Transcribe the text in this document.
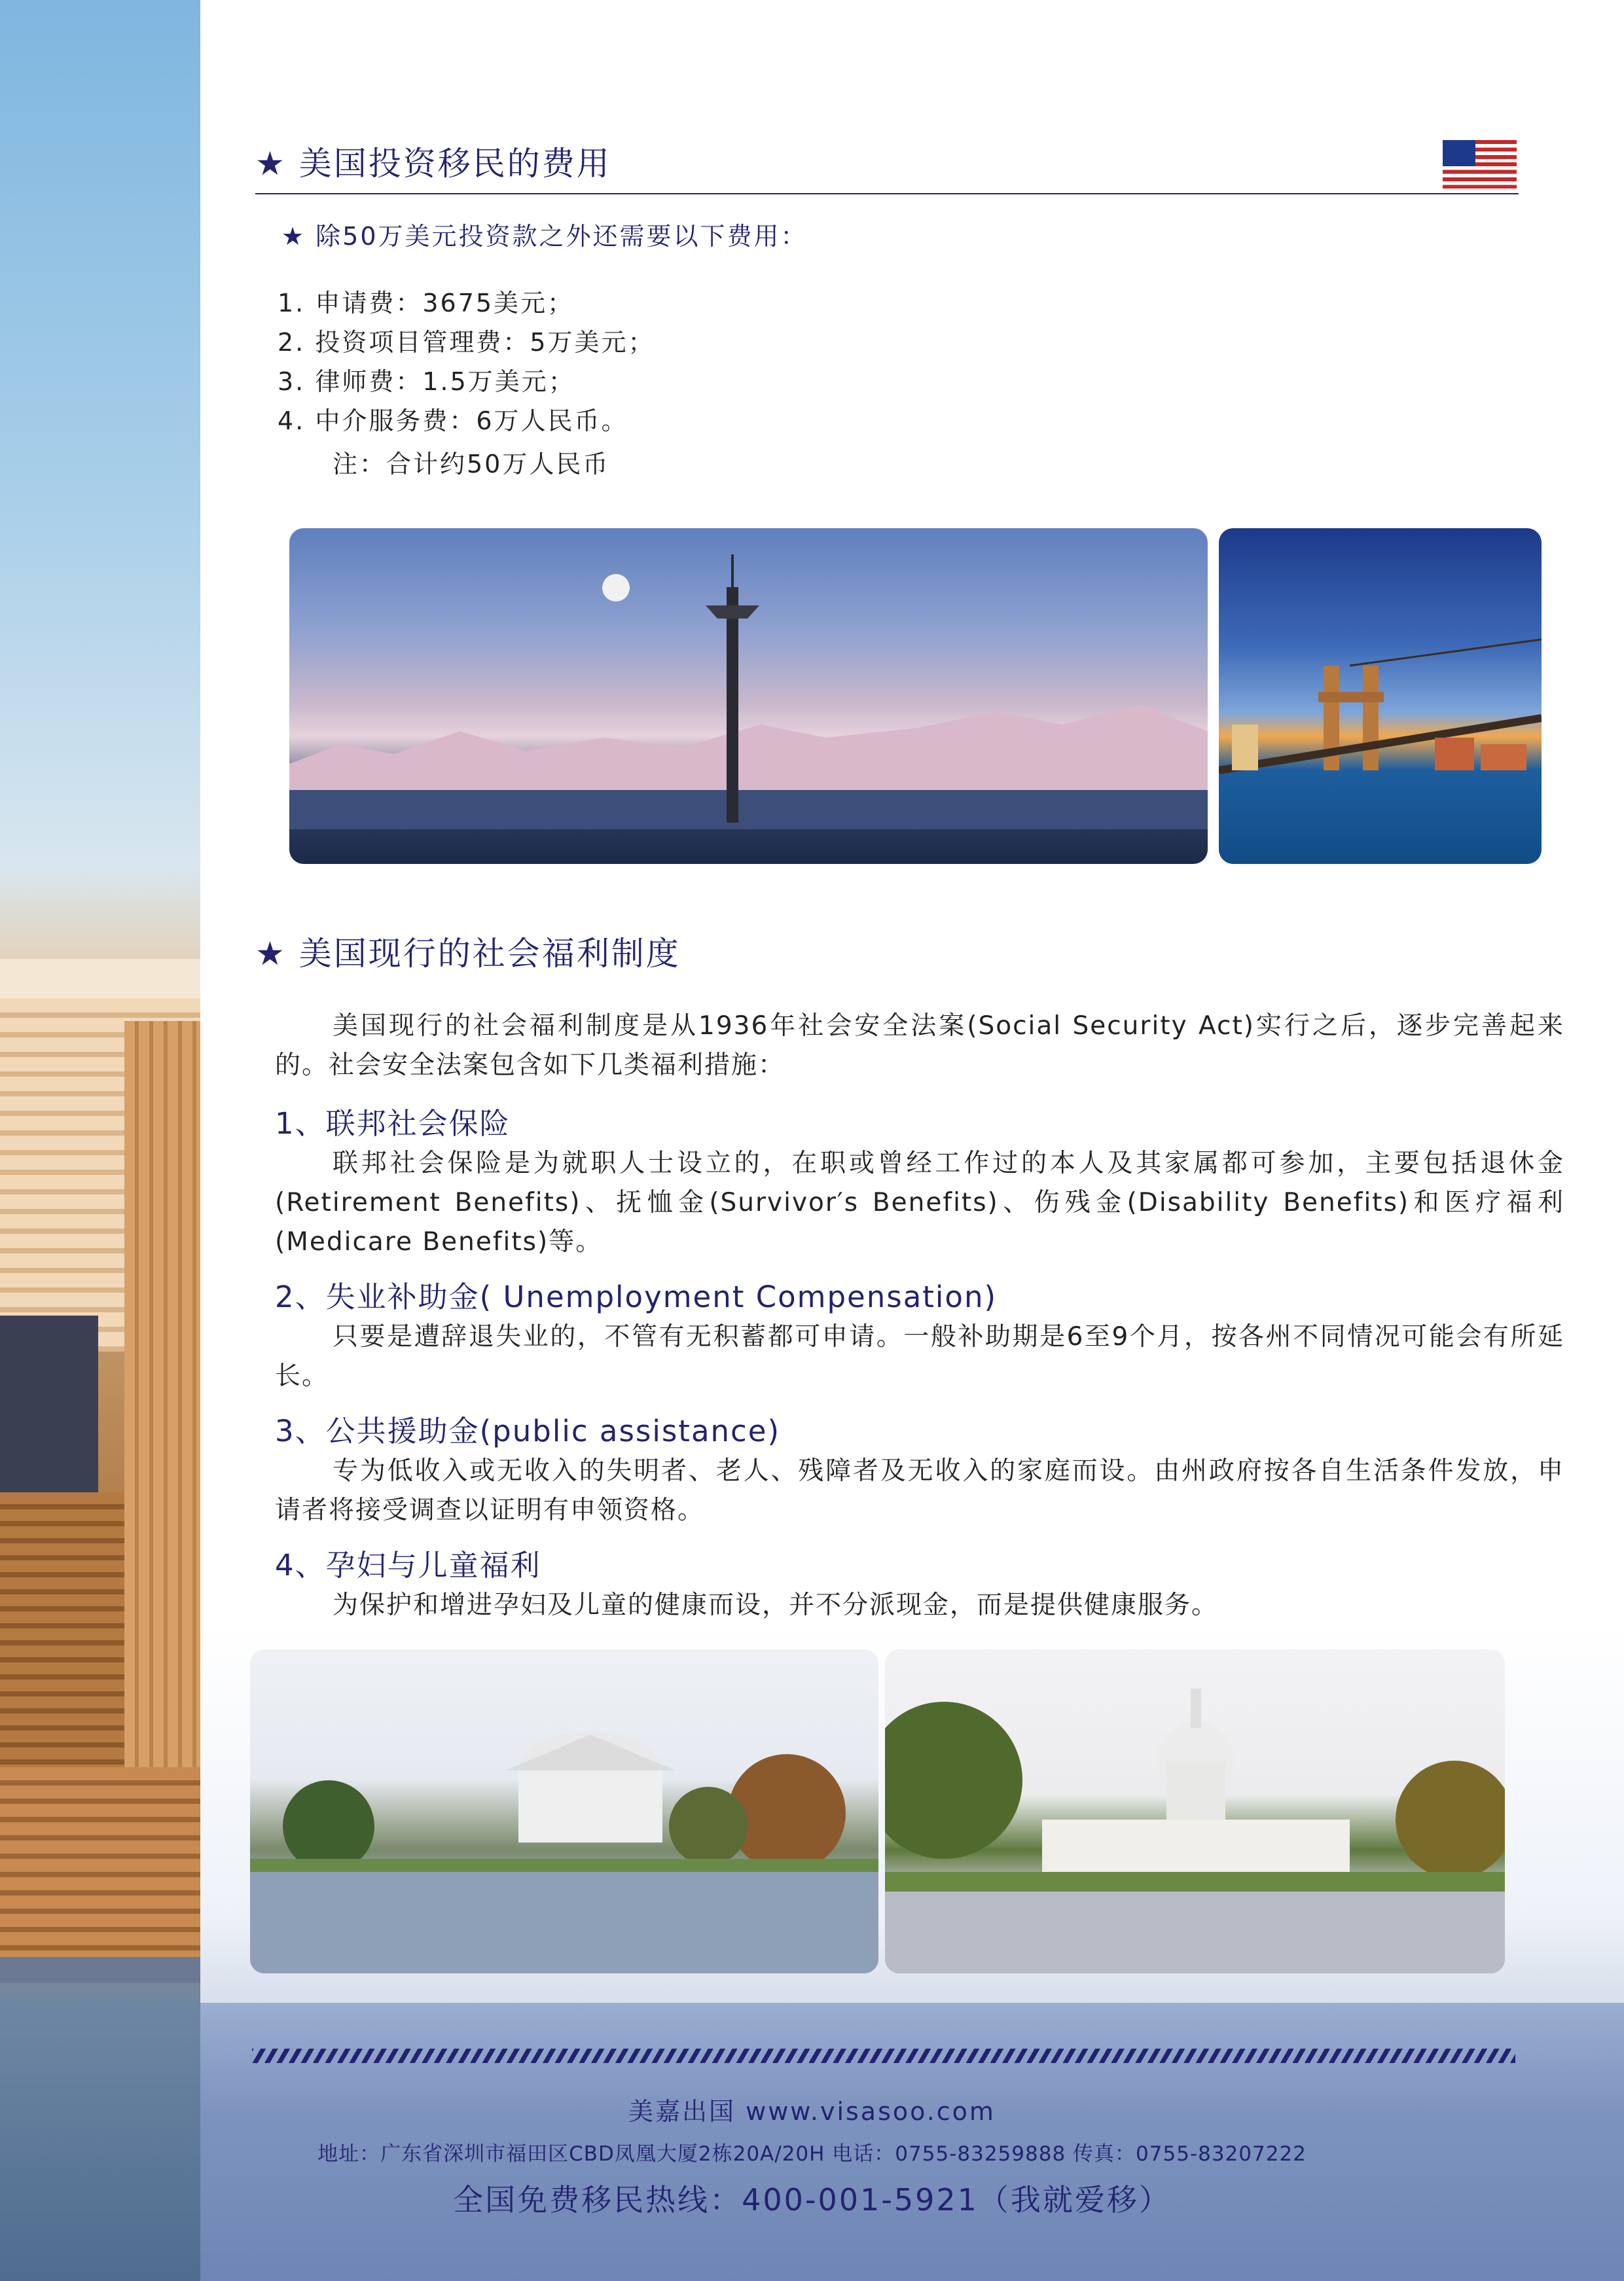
★ 美国投资移民的费用
★ 除50万美元投资款之外还需要以下费用：
1. 申请费：3675美元；
2. 投资项目管理费：5万美元；
3. 律师费：1.5万美元；
4. 中介服务费：6万人民币。
注：合计约50万人民币
★ 美国现行的社会福利制度
美国现行的社会福利制度是从1936年社会安全法案(Social Security Act)实行之后，逐步完善起来的。社会安全法案包含如下几类福利措施：
1、联邦社会保险
联邦社会保险是为就职人士设立的，在职或曾经工作过的本人及其家属都可参加，主要包括退休金 (Retirement Benefits)、抚恤金(Survivor′s Benefits)、伤残金(Disability Benefits)和医疗福利(Medicare Benefits)等。
2、失业补助金( Unemployment Compensation)
只要是遭辞退失业的，不管有无积蓄都可申请。一般补助期是6至9个月，按各州不同情况可能会有所延长。
3、公共援助金(public assistance)
专为低收入或无收入的失明者、老人、残障者及无收入的家庭而设。由州政府按各自生活条件发放，申请者将接受调查以证明有申领资格。
4、孕妇与儿童福利
为保护和增进孕妇及儿童的健康而设，并不分派现金，而是提供健康服务。
美嘉出国 www.visasoo.com
地址：广东省深圳市福田区CBD凤凰大厦2栋20A/20H 电话：0755-83259888 传真：0755-83207222
全国免费移民热线：400-001-5921（我就爱移）
